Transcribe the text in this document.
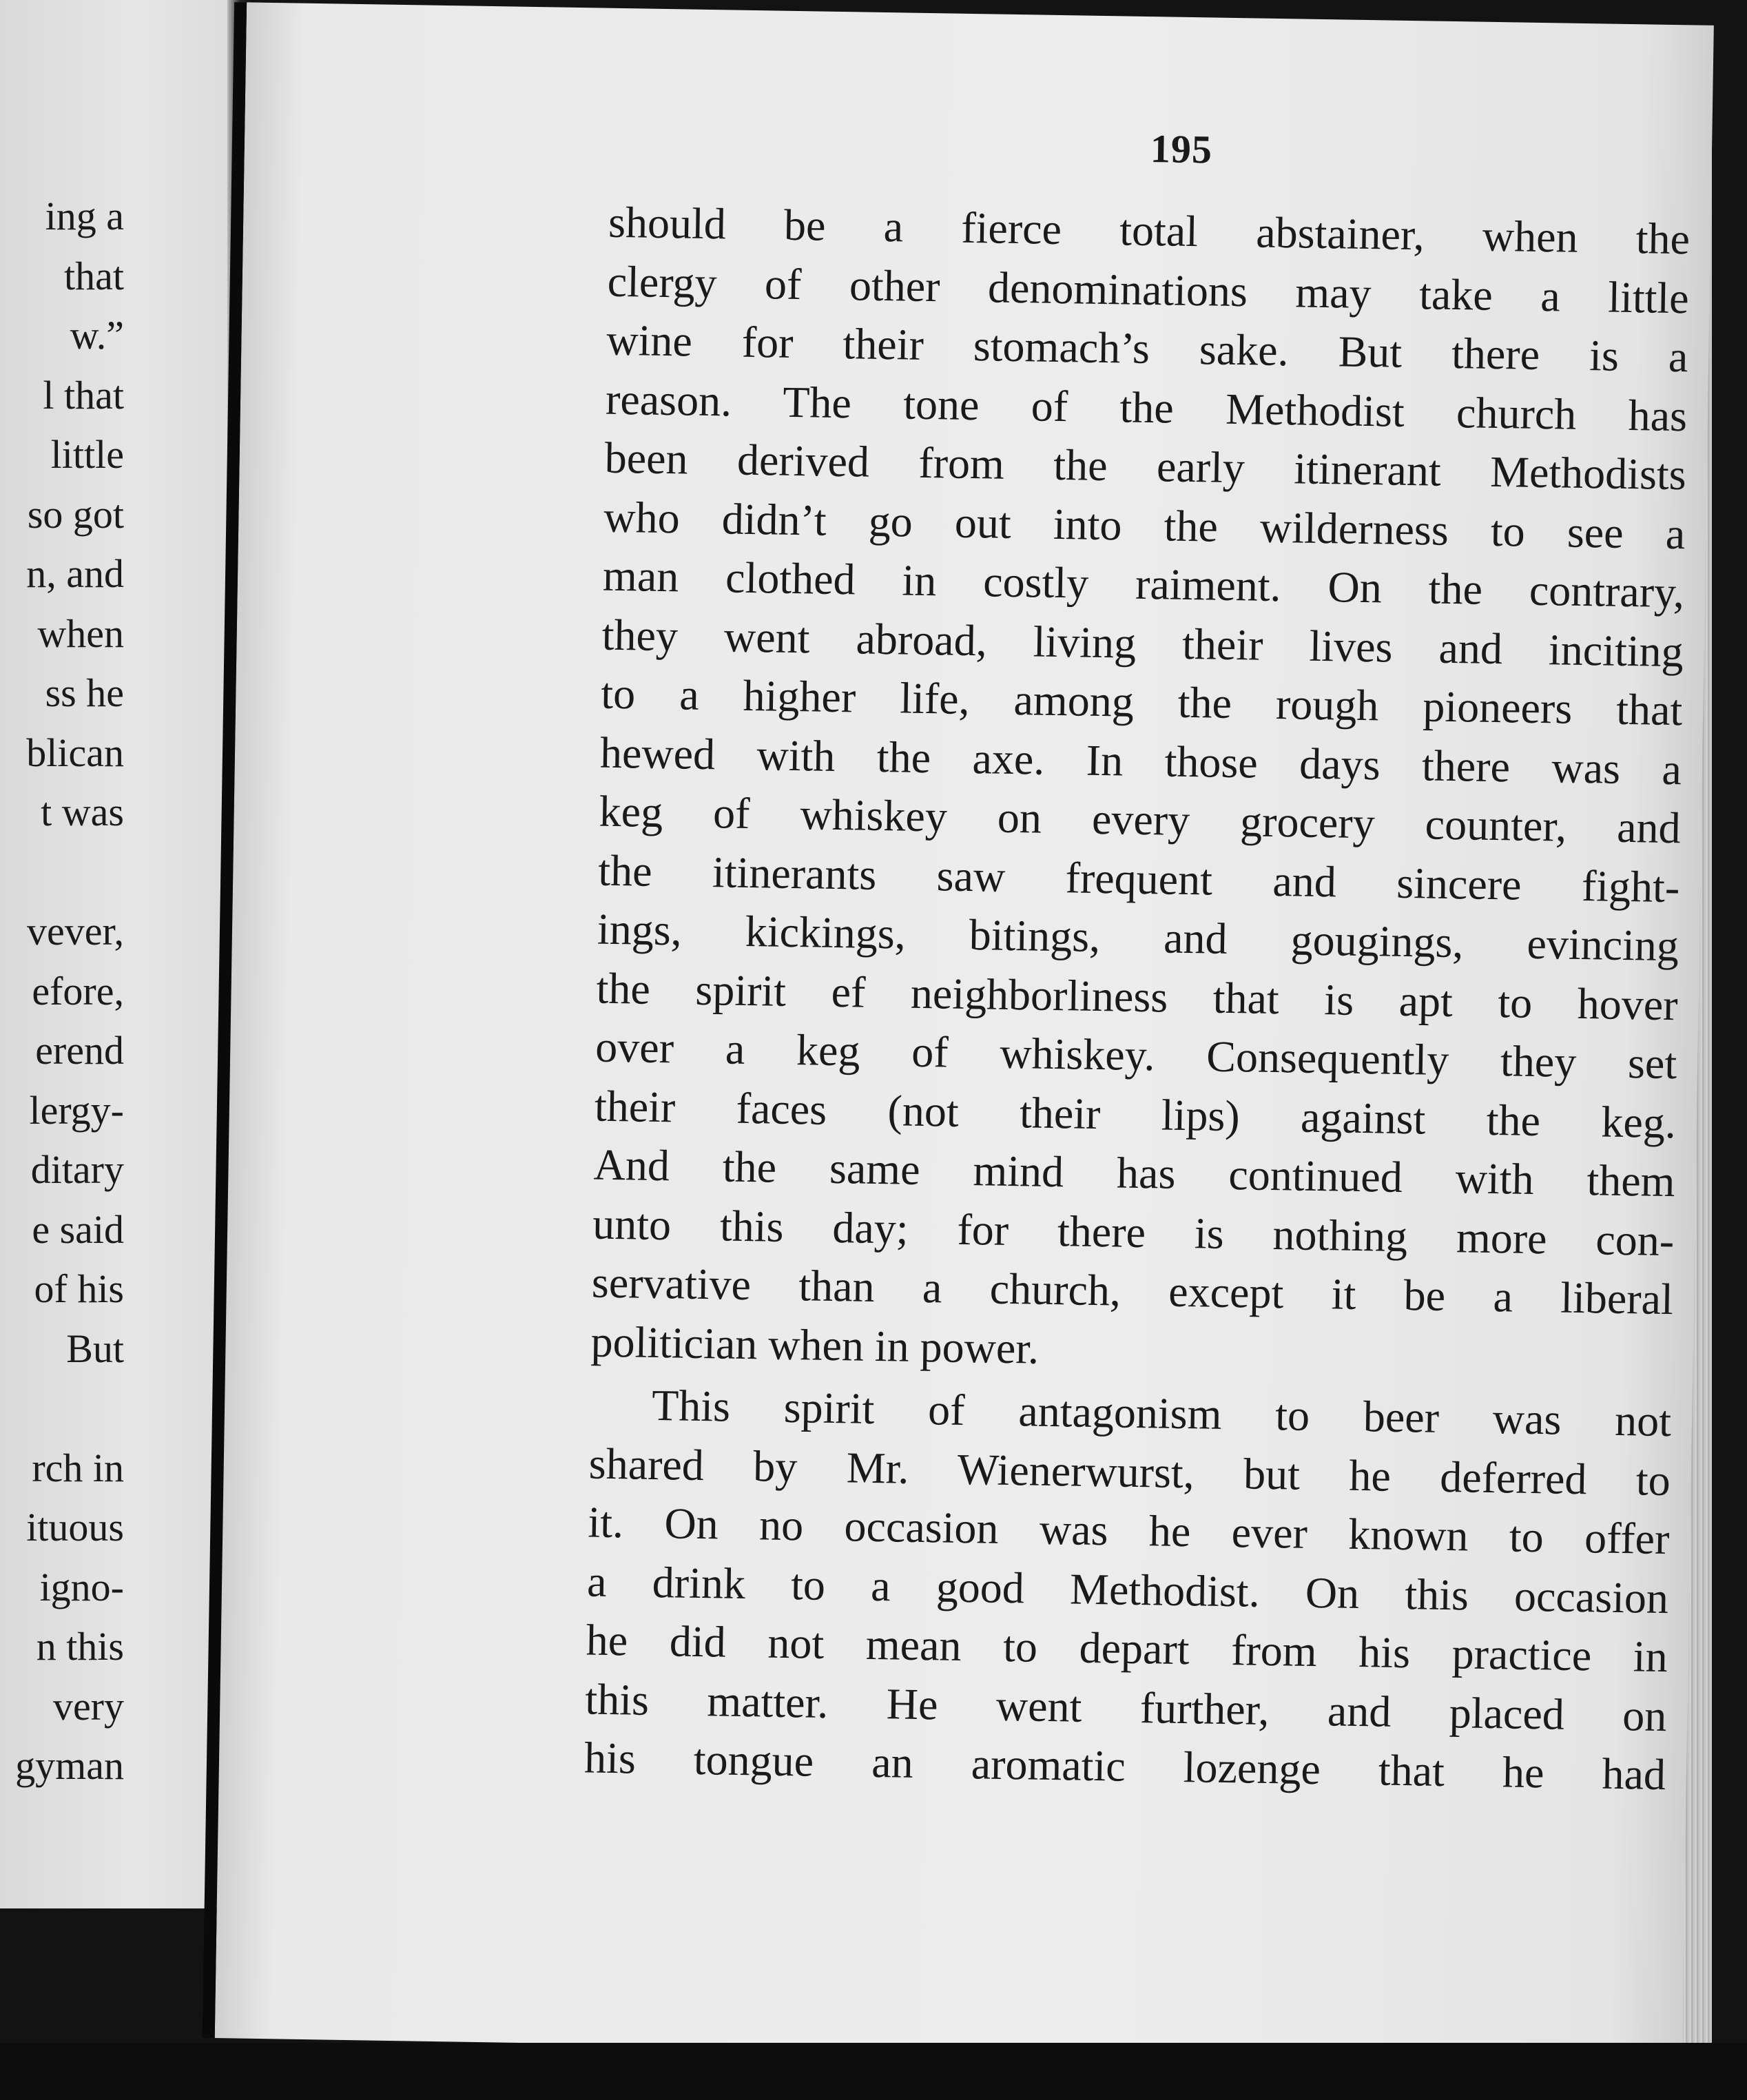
ing a
that
w.”
l that
little
so got
n, and
when
ss he
blican
t was
vever,
efore,
erend
lergy-
ditary
e said
of his
But
rch in
ituous
igno-
n this
very
gyman
195
should be a fierce total abstainer, when the
clergy of other denominations may take a little
wine for their stomach’s sake. But there is a
reason. The tone of the Methodist church has
been derived from the early itinerant Methodists
who didn’t go out into the wilderness to see a
man clothed in costly raiment. On the contrary,
they went abroad, living their lives and inciting
to a higher life, among the rough pioneers that
hewed with the axe. In those days there was a
keg of whiskey on every grocery counter, and
the itinerants saw frequent and sincere fight-
ings, kickings, bitings, and gougings, evincing
the spirit ef neighborliness that is apt to hover
over a keg of whiskey. Consequently they set
their faces (not their lips) against the keg.
And the same mind has continued with them
unto this day; for there is nothing more con-
servative than a church, except it be a liberal
politician when in power.
This spirit of antagonism to beer was not
shared by Mr. Wienerwurst, but he deferred to
it. On no occasion was he ever known to offer
a drink to a good Methodist. On this occasion
he did not mean to depart from his practice in
this matter. He went further, and placed on
his tongue an aromatic lozenge that he had
